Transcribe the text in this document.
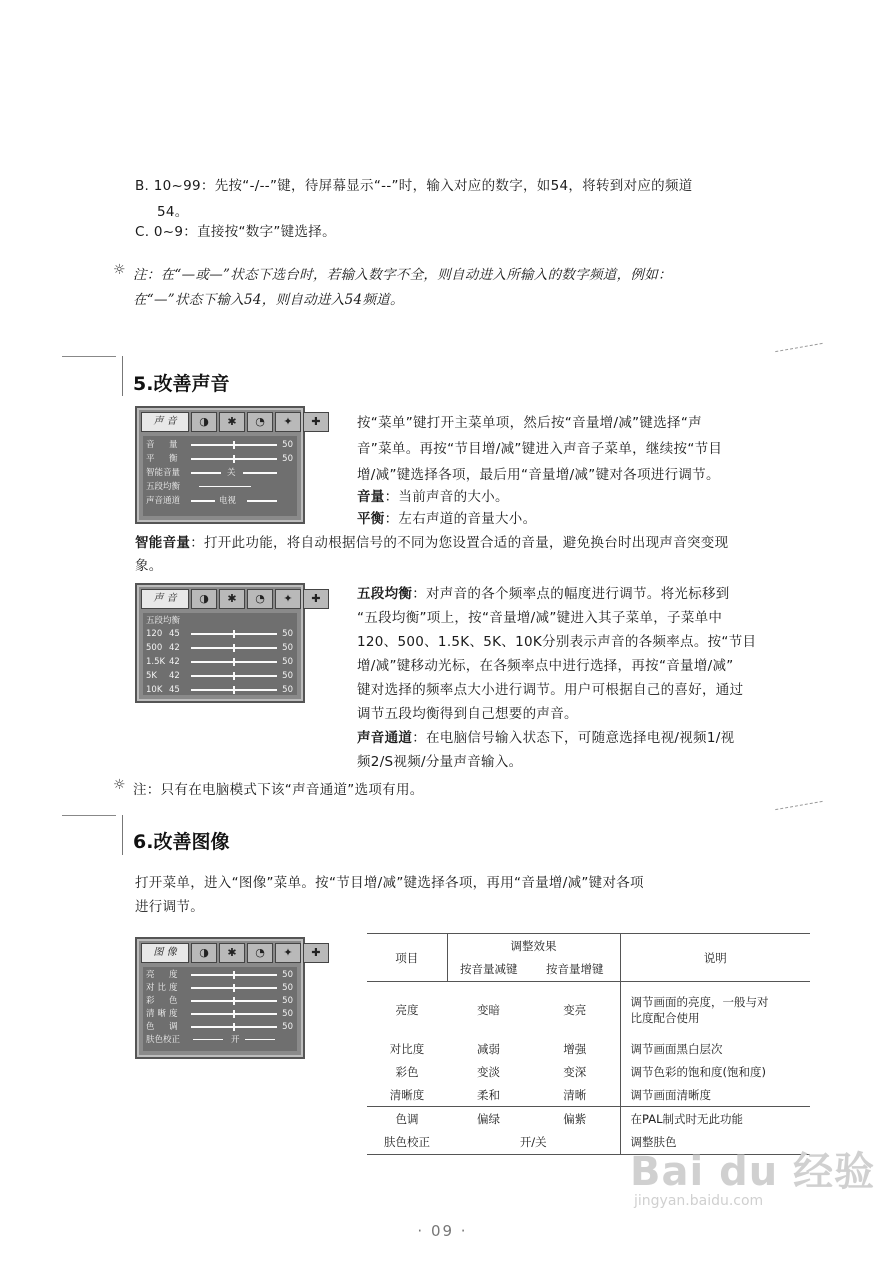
B. 10~99：先按“-/--”键，待屏幕显示“--”时，输入对应的数字，如54，将转到对应的频道
54。
C. 0~9：直接按“数字”键选择。
☼ 注：在“—或—”状态下选台时，若输入数字不全，则自动进入所输入的数字频道，例如：
在“—”状态下输入54，则自动进入54频道。
5.改善声音
声 音	◑	✱	◔	✦	✚
音　量	50
平　衡	50
智能音量	关
五段均衡
声音通道	电视
按“菜单”键打开主菜单项，然后按“音量增/减”键选择“声
音”菜单。再按“节目增/减”键进入声音子菜单，继续按“节目
增/减”键选择各项，最后用“音量增/减”键对各项进行调节。
音量：当前声音的大小。
平衡：左右声道的音量大小。
智能音量：打开此功能，将自动根据信号的不同为您设置合适的音量，避免换台时出现声音突变现
象。
声 音	◑	✱	◔	✦	✚
五段均衡
120 45	50
500 42	50
1.5K 42	50
5K 42	50
10K 45	50
五段均衡：对声音的各个频率点的幅度进行调节。将光标移到
“五段均衡”项上，按“音量增/减”键进入其子菜单，子菜单中
120、500、1.5K、5K、10K分别表示声音的各频率点。按“节目
增/减”键移动光标，在各频率点中进行选择，再按“音量增/减”
键对选择的频率点大小进行调节。用户可根据自己的喜好，通过
调节五段均衡得到自己想要的声音。
声音通道：在电脑信号输入状态下，可随意选择电视/视频1/视
频2/S视频/分量声音输入。
☼ 注：只有在电脑模式下该“声音通道”选项有用。
6.改善图像
打开菜单，进入“图像”菜单。按“节目增/减”键选择各项，再用“音量增/减”键对各项
进行调节。
图 像	◑	✱	◔	✦	✚
亮　度	50
对比度	50
彩　色	50
清晰度	50
色　调	50
肤色校正	开
项目	调整效果		说明
	按音量减键	按音量增键	
亮度	变暗	变亮	调节画面的亮度，一般与对
比度配合使用

对比度	减弱	增强	调节画面黑白层次
彩色	变淡	变深	调节色彩的饱和度(饱和度)
清晰度	柔和	清晰	调节画面清晰度
色调	偏绿	偏紫	在PAL制式时无此功能
肤色校正	开/关		调整肤色
· 09 ·
Bai du 经验
jingyan.baidu.com
